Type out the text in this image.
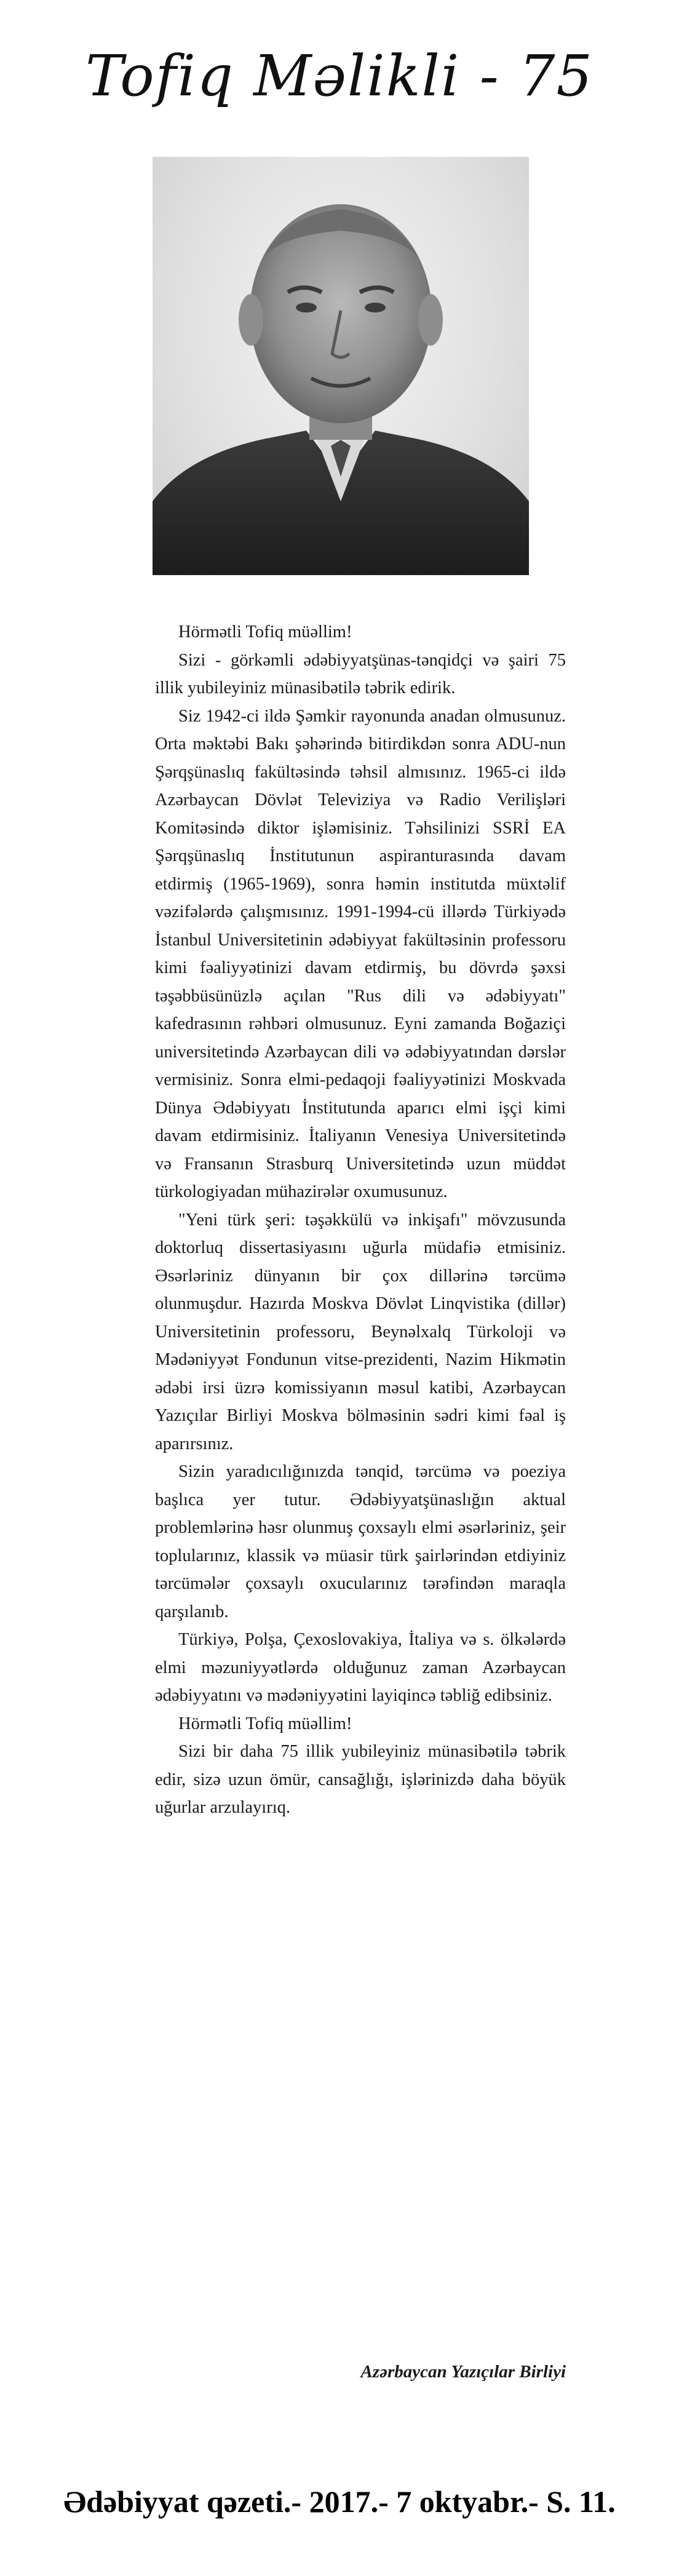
Tofiq Məlikli - 75

Hörmətli Tofiq müəllim!

Sizi - görkəmli ədəbiyyatşünas-tənqidçi və şairi 75 illik yubileyiniz münasibətilə təbrik edirik.

Siz 1942-ci ildə Şəmkir rayonunda anadan olmusunuz. Orta məktəbi Bakı şəhərində bitirdikdən sonra ADU-nun Şərqşünaslıq fakültəsində təhsil almısınız. 1965-ci ildə Azərbaycan Dövlət Televiziya və Radio Verilişləri Komitəsində diktor işləmisiniz. Təhsilinizi SSRİ EA Şərqşünaslıq İnstitutunun aspiranturasında davam etdirmiş (1965-1969), sonra həmin institutda müxtəlif vəzifələrdə çalışmısınız. 1991-1994-cü illərdə Türkiyədə İstanbul Universitetinin ədəbiyyat fakültəsinin professoru kimi fəaliyyətinizi davam etdirmiş, bu dövrdə şəxsi təşəbbüsünüzlə açılan "Rus dili və ədəbiyyatı" kafedrasının rəhbəri olmusunuz. Eyni zamanda Boğaziçi universitetində Azərbaycan dili və ədəbiyyatından dərslər vermisiniz. Sonra elmi-pedaqoji fəaliyyətinizi Moskvada Dünya Ədəbiyyatı İnstitutunda aparıcı elmi işçi kimi davam etdirmisiniz. İtaliyanın Venesiya Universitetində və Fransanın Strasburq Universitetində uzun müddət türkologiyadan mühazirələr oxumusunuz.

"Yeni türk şeri: təşəkkülü və inkişafı" mövzusunda doktorluq dissertasiyasını uğurla müdafiə etmisiniz. Əsərləriniz dünyanın bir çox dillərinə tərcümə olunmuşdur. Hazırda Moskva Dövlət Linqvistika (dillər) Universitetinin professoru, Beynəlxalq Türkoloji və Mədəniyyət Fondunun vitse-prezidenti, Nazim Hikmətin ədəbi irsi üzrə komissiyanın məsul katibi, Azərbaycan Yazıçılar Birliyi Moskva bölməsinin sədri kimi fəal iş aparırsınız.

Sizin yaradıcılığınızda tənqid, tərcümə və poeziya başlıca yer tutur. Ədəbiyyatşünaslığın aktual problemlərinə həsr olunmuş çoxsaylı elmi əsərləriniz, şeir toplularınız, klassik və müasir türk şairlərindən etdiyiniz tərcümələr çoxsaylı oxucularınız tərəfindən maraqla qarşılanıb.

Türkiyə, Polşa, Çexoslovakiya, İtaliya və s. ölkələrdə elmi məzuniyyətlərdə olduğunuz zaman Azərbaycan ədəbiyyatını və mədəniyyətini layiqincə təbliğ edibsiniz.

Hörmətli Tofiq müəllim!

Sizi bir daha 75 illik yubileyiniz münasibətilə təbrik edir, sizə uzun ömür, cansağlığı, işlərinizdə daha böyük uğurlar arzulayırıq.

Azərbaycan Yazıçılar Birliyi
Ədəbiyyat qəzeti.- 2017.- 7 oktyabr.- S. 11.
